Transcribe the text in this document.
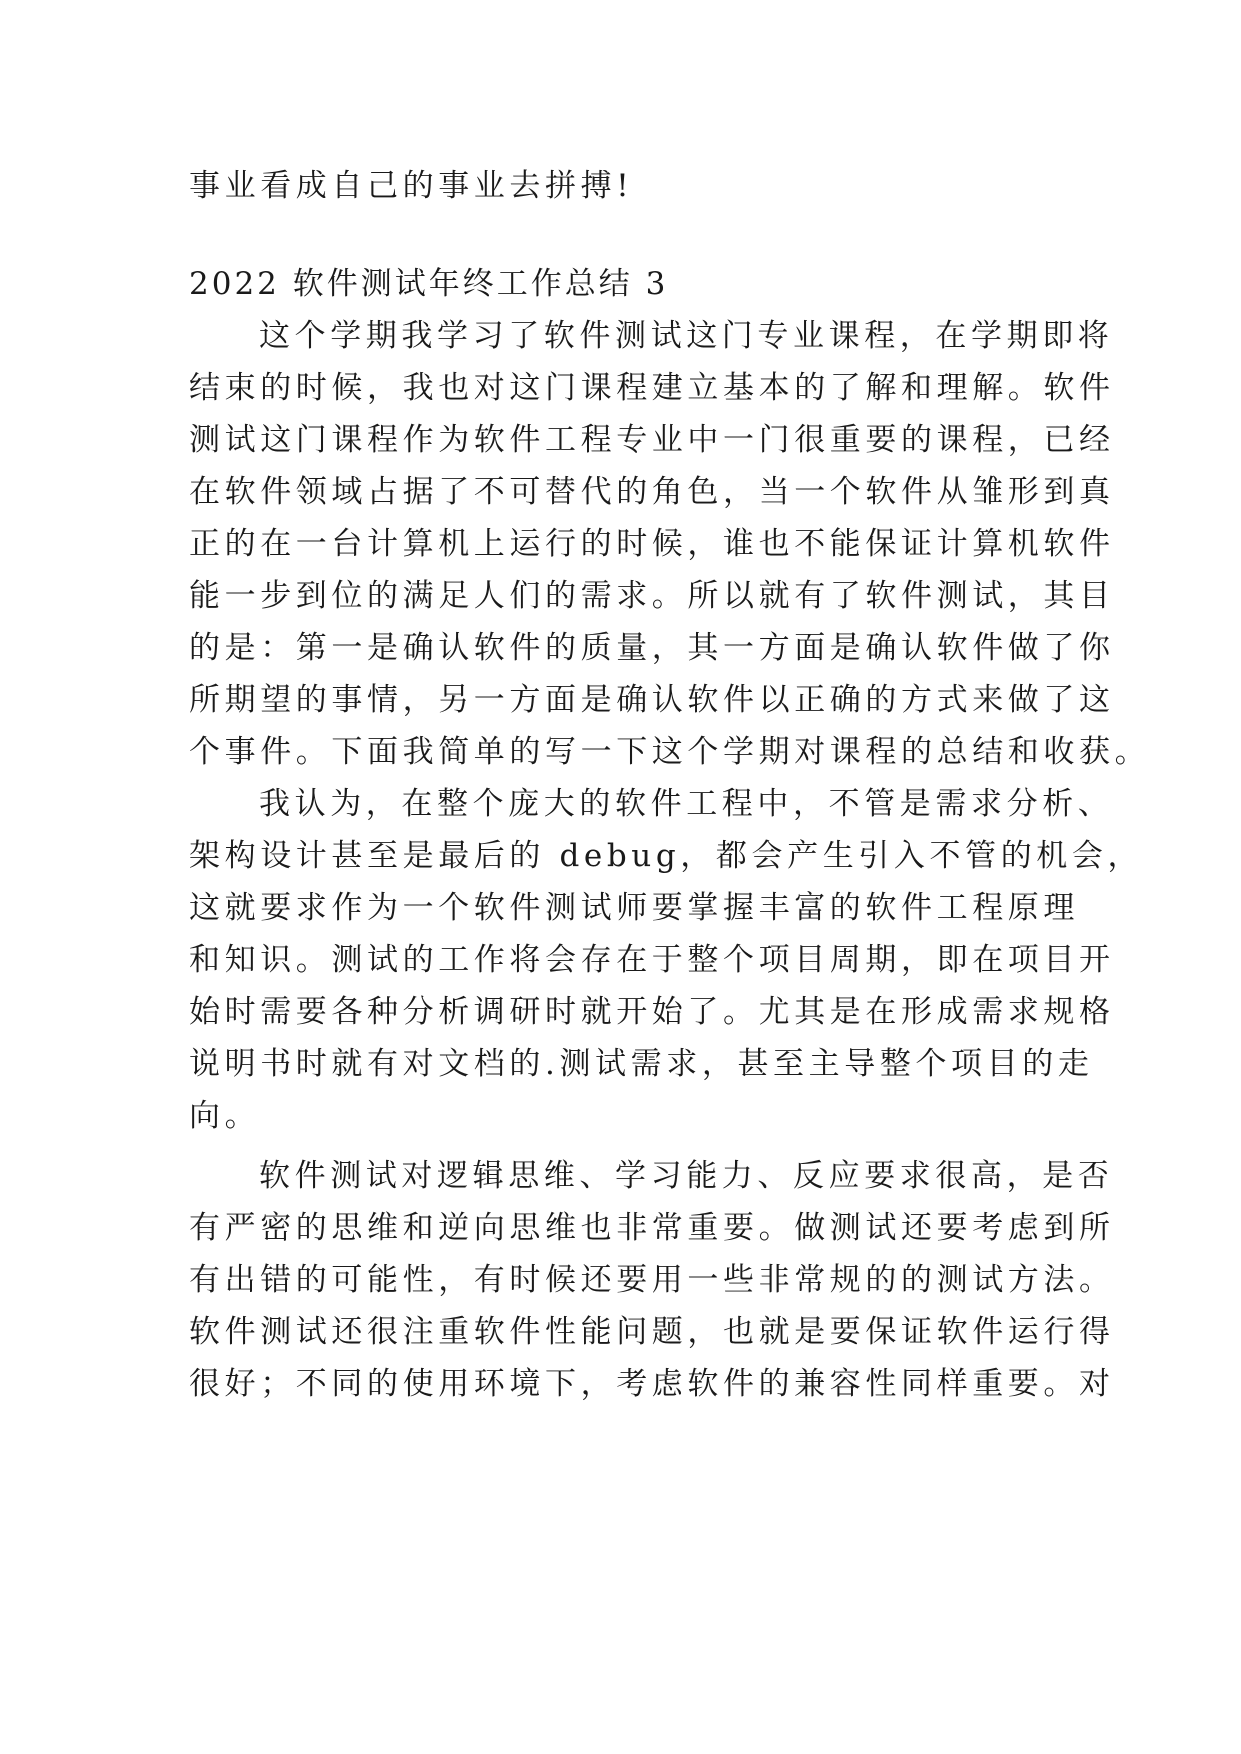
事业看成自己的事业去拼搏!
2022 软件测试年终工作总结 3
这个学期我学习了软件测试这门专业课程，在学期即将
结束的时候，我也对这门课程建立基本的了解和理解。软件
测试这门课程作为软件工程专业中一门很重要的课程，已经
在软件领域占据了不可替代的角色，当一个软件从雏形到真
正的在一台计算机上运行的时候，谁也不能保证计算机软件
能一步到位的满足人们的需求。所以就有了软件测试，其目
的是：第一是确认软件的质量，其一方面是确认软件做了你
所期望的事情，另一方面是确认软件以正确的方式来做了这
个事件。下面我简单的写一下这个学期对课程的总结和收获。
我认为，在整个庞大的软件工程中，不管是需求分析、
架构设计甚至是最后的 debug，都会产生引入不管的机会，
这就要求作为一个软件测试师要掌握丰富的软件工程原理
和知识。测试的工作将会存在于整个项目周期，即在项目开
始时需要各种分析调研时就开始了。尤其是在形成需求规格
说明书时就有对文档的.测试需求，甚至主导整个项目的走
向。
软件测试对逻辑思维、学习能力、反应要求很高，是否
有严密的思维和逆向思维也非常重要。做测试还要考虑到所
有出错的可能性，有时候还要用一些非常规的的测试方法。
软件测试还很注重软件性能问题，也就是要保证软件运行得
很好；不同的使用环境下，考虑软件的兼容性同样重要。对
